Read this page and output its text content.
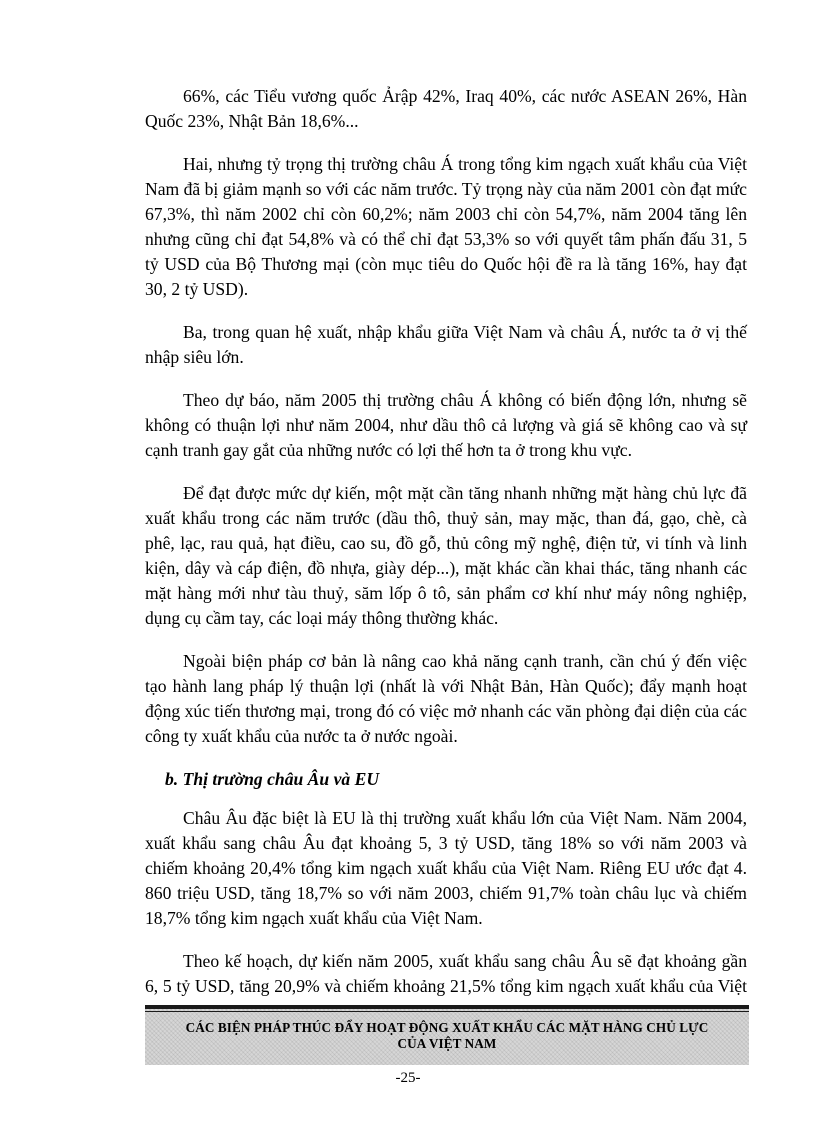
66%, các Tiểu vương quốc Ảrập 42%, Iraq 40%, các nước ASEAN 26%, Hàn Quốc 23%, Nhật Bản 18,6%...

Hai, nhưng tỷ trọng thị trường châu Á trong tổng kim ngạch xuất khẩu của Việt Nam đã bị giảm mạnh so với các năm trước. Tỷ trọng này của năm 2001 còn đạt mức 67,3%, thì năm 2002 chỉ còn 60,2%; năm 2003 chỉ còn 54,7%, năm 2004 tăng lên nhưng cũng chỉ đạt 54,8% và có thể chỉ đạt 53,3% so với quyết tâm phấn đấu 31, 5 tỷ USD của Bộ Thương mại (còn mục tiêu do Quốc hội đề ra là tăng 16%, hay đạt 30, 2 tỷ USD).

Ba, trong quan hệ xuất, nhập khẩu giữa Việt Nam và châu Á, nước ta ở vị thế nhập siêu lớn.

Theo dự báo, năm 2005 thị trường châu Á không có biến động lớn, nhưng sẽ không có thuận lợi như năm 2004, như dầu thô cả lượng và giá sẽ không cao và sự cạnh tranh gay gắt của những nước có lợi thế hơn ta ở trong khu vực.

Để đạt được mức dự kiến, một mặt cần tăng nhanh những mặt hàng chủ lực đã xuất khẩu trong các năm trước (dầu thô, thuỷ sản, may mặc, than đá, gạo, chè, cà phê, lạc, rau quả, hạt điều, cao su, đồ gỗ, thủ công mỹ nghệ, điện tử, vi tính và linh kiện, dây và cáp điện, đồ nhựa, giày dép...), mặt khác cần khai thác, tăng nhanh các mặt hàng mới như tàu thuỷ, săm lốp ô tô, sản phẩm cơ khí như máy nông nghiệp, dụng cụ cầm tay, các loại máy thông thường khác.

Ngoài biện pháp cơ bản là nâng cao khả năng cạnh tranh, cần chú ý đến việc tạo hành lang pháp lý thuận lợi (nhất là với Nhật Bản, Hàn Quốc); đẩy mạnh hoạt động xúc tiến thương mại, trong đó có việc mở nhanh các văn phòng đại diện của các công ty xuất khẩu của nước ta ở nước ngoài.

b. Thị trường châu Âu và EU

Châu Âu đặc biệt là EU là thị trường xuất khẩu lớn của Việt Nam. Năm 2004, xuất khẩu sang châu Âu đạt khoảng 5, 3 tỷ USD, tăng 18% so với năm 2003 và chiếm khoảng 20,4% tổng kim ngạch xuất khẩu của Việt Nam. Riêng EU ước đạt 4. 860 triệu USD, tăng 18,7% so với năm 2003, chiếm 91,7% toàn châu lục và chiếm 18,7% tổng kim ngạch xuất khẩu của Việt Nam.

Theo kế hoạch, dự kiến năm 2005, xuất khẩu sang châu Âu sẽ đạt khoảng gần 6, 5 tỷ USD, tăng 20,9% và chiếm khoảng 21,5% tổng kim ngạch xuất khẩu của Việt

CÁC BIỆN PHÁP THÚC ĐẨY HOẠT ĐỘNG XUẤT KHẨU CÁC MẶT HÀNG CHỦ LỰC
CỦA VIỆT NAM
-25-
